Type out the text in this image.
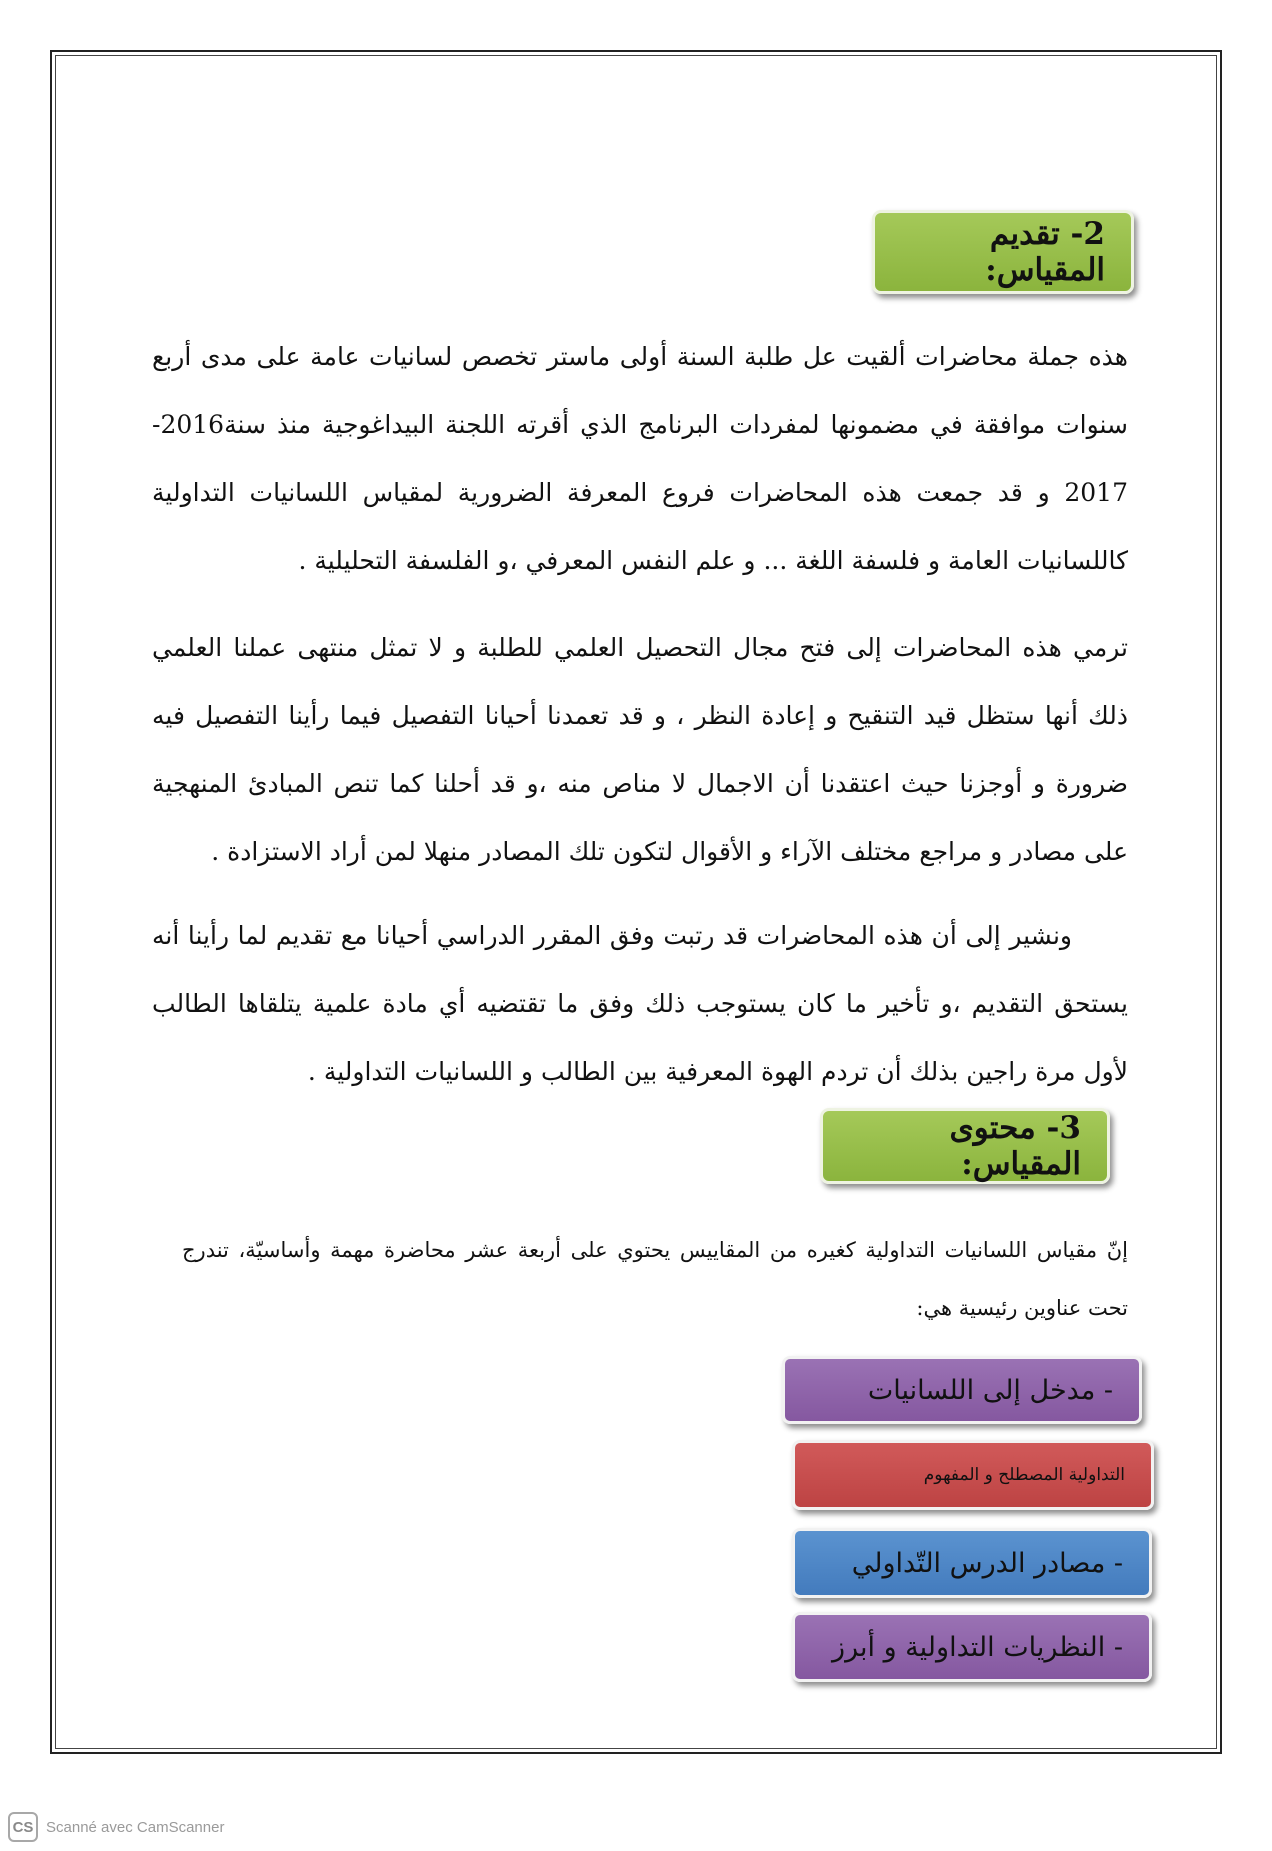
2- تقديم المقياس:

هذه جملة محاضرات ألقيت عل طلبة السنة أولى ماستر تخصص لسانيات عامة على مدى أربع سنوات موافقة في مضمونها لمفردات البرنامج الذي أقرته اللجنة البيداغوجية منذ سنة2016-2017 و قد جمعت هذه المحاضرات فروع المعرفة الضرورية لمقياس اللسانيات التداولية كاللسانيات العامة و فلسفة اللغة ... و علم النفس المعرفي ،و الفلسفة التحليلية .

ترمي هذه المحاضرات إلى فتح مجال التحصيل العلمي للطلبة و لا تمثل منتهى عملنا العلمي ذلك أنها ستظل قيد التنقيح و إعادة النظر ، و قد تعمدنا أحيانا التفصيل فيما رأينا التفصيل فيه ضرورة و أوجزنا حيث اعتقدنا أن الاجمال لا مناص منه ،و قد أحلنا كما تنص المبادئ المنهجية على مصادر و مراجع مختلف الآراء و الأقوال لتكون تلك المصادر منهلا لمن أراد الاستزادة .

ونشير إلى أن هذه المحاضرات قد رتبت وفق المقرر الدراسي أحيانا مع تقديم لما رأينا أنه يستحق التقديم ،و تأخير ما كان يستوجب ذلك وفق ما تقتضيه أي مادة علمية يتلقاها الطالب لأول مرة راجين بذلك أن تردم الهوة المعرفية بين الطالب و اللسانيات التداولية .

3- محتوى المقياس:

إنّ مقياس اللسانيات التداولية كغيره من المقاييس يحتوي على أربعة عشر محاضرة مهمة وأساسيّة، تندرج تحت عناوين رئيسية هي:

- مدخل إلى اللسانيات
التداولية المصطلح و المفهوم
- مصادر الدرس التّداولي
- النظريات التداولية و أبرز
CS Scanné avec CamScanner
